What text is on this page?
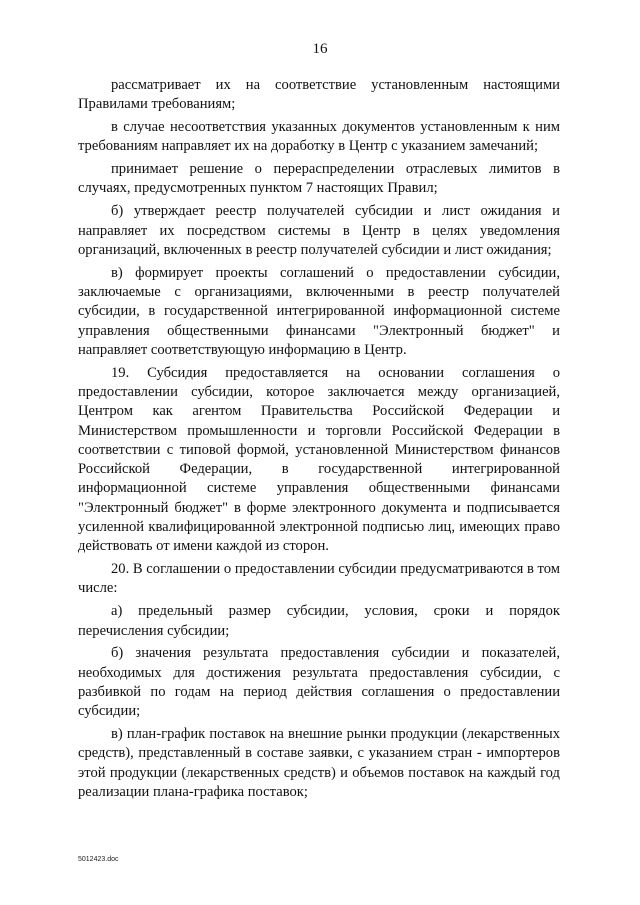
16

рассматривает их на соответствие установленным настоящими Правилами требованиям;

в случае несоответствия указанных документов установленным к ним требованиям направляет их на доработку в Центр с указанием замечаний;

принимает решение о перераспределении отраслевых лимитов в случаях, предусмотренных пунктом 7 настоящих Правил;

б) утверждает реестр получателей субсидии и лист ожидания и направляет их посредством системы в Центр в целях уведомления организаций, включенных в реестр получателей субсидии и лист ожидания;

в) формирует проекты соглашений о предоставлении субсидии, заключаемые с организациями, включенными в реестр получателей субсидии, в государственной интегрированной информационной системе управления общественными финансами "Электронный бюджет" и направляет соответствующую информацию в Центр.

19. Субсидия предоставляется на основании соглашения о предоставлении субсидии, которое заключается между организацией, Центром как агентом Правительства Российской Федерации и Министерством промышленности и торговли Российской Федерации в соответствии с типовой формой, установленной Министерством финансов Российской Федерации, в государственной интегрированной информационной системе управления общественными финансами "Электронный бюджет" в форме электронного документа и подписывается усиленной квалифицированной электронной подписью лиц, имеющих право действовать от имени каждой из сторон.

20. В соглашении о предоставлении субсидии предусматриваются в том числе:

а) предельный размер субсидии, условия, сроки и порядок перечисления субсидии;

б) значения результата предоставления субсидии и показателей, необходимых для достижения результата предоставления субсидии, с разбивкой по годам на период действия соглашения о предоставлении субсидии;

в) план-график поставок на внешние рынки продукции (лекарственных средств), представленный в составе заявки, с указанием стран - импортеров этой продукции (лекарственных средств) и объемов поставок на каждый год реализации плана-графика поставок;

5012423.doc
